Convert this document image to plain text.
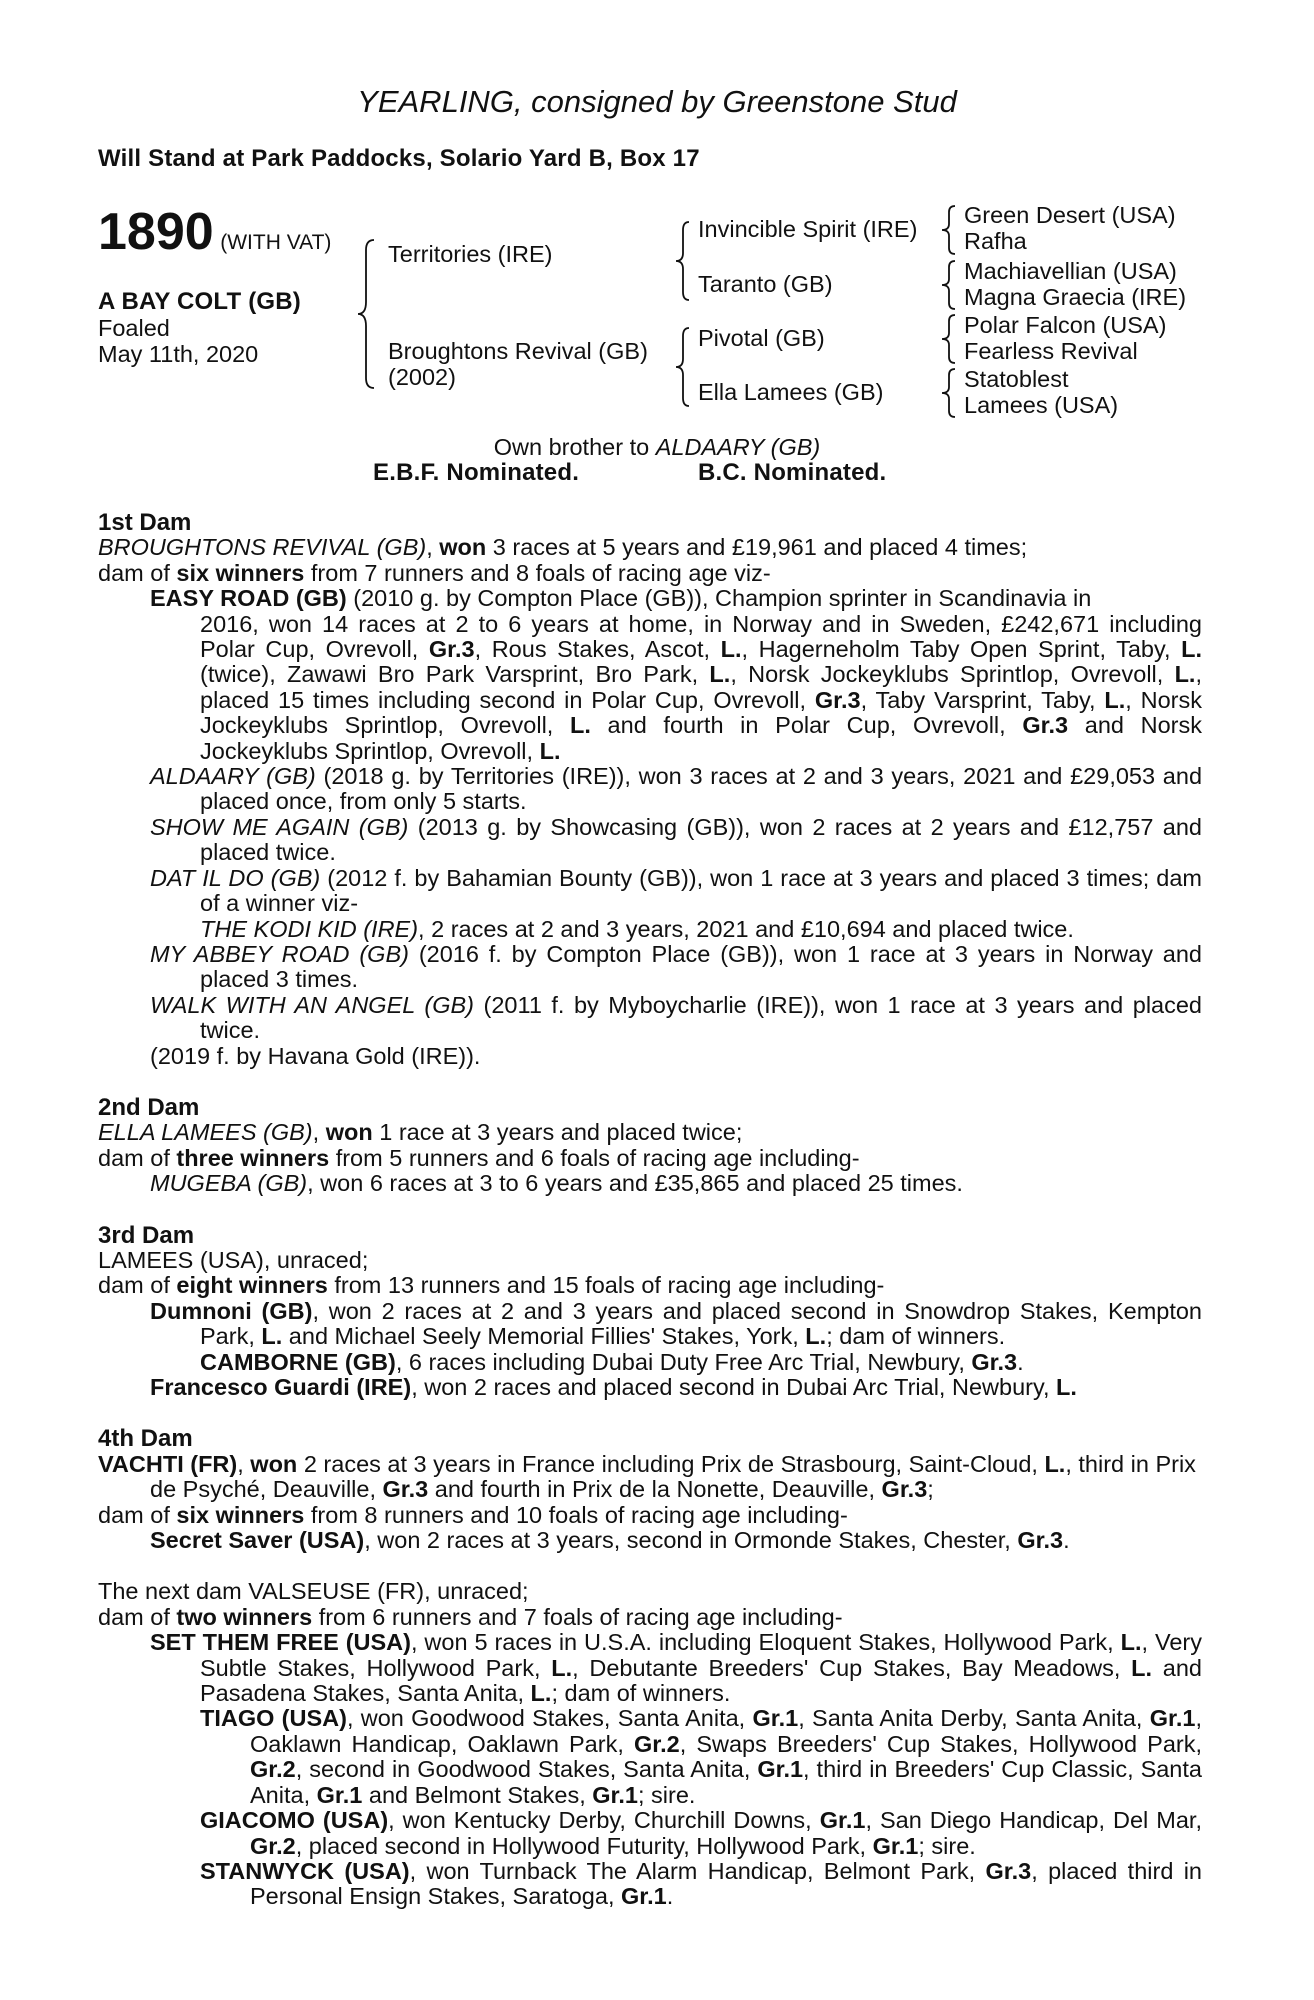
YEARLING, consigned by Greenstone Stud
Will Stand at Park Paddocks, Solario Yard B, Box 17
1890 (WITH VAT)
A BAY COLT (GB)
Foaled
May 11th, 2020
Territories (IRE)
Broughtons Revival (GB)
(2002)
Invincible Spirit (IRE)
Taranto (GB)
Pivotal (GB)
Ella Lamees (GB)
Green Desert (USA)
Rafha
Machiavellian (USA)
Magna Graecia (IRE)
Polar Falcon (USA)
Fearless Revival
Statoblest
Lamees (USA)
Own brother to ALDAARY (GB)
E.B.F. Nominated.	B.C. Nominated.

1st Dam

BROUGHTONS REVIVAL (GB), won 3 races at 5 years and £19,961 and placed 4 times;

dam of six winners from 7 runners and 8 foals of racing age viz-

EASY ROAD (GB) (2010 g. by Compton Place (GB)), Champion sprinter in Scandinavia in

2016, won 14 races at 2 to 6 years at home, in Norway and in Sweden, £242,671 including Polar Cup, Ovrevoll, Gr.3, Rous Stakes, Ascot, L., Hagerneholm Taby Open Sprint, Taby, L. (twice), Zawawi Bro Park Varsprint, Bro Park, L., Norsk Jockeyklubs Sprintlop, Ovrevoll, L., placed 15 times including second in Polar Cup, Ovrevoll, Gr.3, Taby Varsprint, Taby, L., Norsk Jockeyklubs Sprintlop, Ovrevoll, L. and fourth in Polar Cup, Ovrevoll, Gr.3 and Norsk Jockeyklubs Sprintlop, Ovrevoll, L.
ALDAARY (GB) (2018 g. by Territories (IRE)), won 3 races at 2 and 3 years, 2021 and £29,053 and placed once, from only 5 starts.
SHOW ME AGAIN (GB) (2013 g. by Showcasing (GB)), won 2 races at 2 years and £12,757 and placed twice.
DAT IL DO (GB) (2012 f. by Bahamian Bounty (GB)), won 1 race at 3 years and placed 3 times; dam of a winner viz-

THE KODI KID (IRE), 2 races at 2 and 3 years, 2021 and £10,694 and placed twice.

MY ABBEY ROAD (GB) (2016 f. by Compton Place (GB)), won 1 race at 3 years in Norway and placed 3 times.
WALK WITH AN ANGEL (GB) (2011 f. by Myboycharlie (IRE)), won 1 race at 3 years and placed twice.

(2019 f. by Havana Gold (IRE)).

2nd Dam

ELLA LAMEES (GB), won 1 race at 3 years and placed twice;

dam of three winners from 5 runners and 6 foals of racing age including-

MUGEBA (GB), won 6 races at 3 to 6 years and £35,865 and placed 25 times.

3rd Dam

LAMEES (USA), unraced;

dam of eight winners from 13 runners and 15 foals of racing age including-

Dumnoni (GB), won 2 races at 2 and 3 years and placed second in Snowdrop Stakes, Kempton Park, L. and Michael Seely Memorial Fillies' Stakes, York, L.; dam of winners.

CAMBORNE (GB), 6 races including Dubai Duty Free Arc Trial, Newbury, Gr.3.

Francesco Guardi (IRE), won 2 races and placed second in Dubai Arc Trial, Newbury, L.

4th Dam

VACHTI (FR), won 2 races at 3 years in France including Prix de Strasbourg, Saint-Cloud, L., third in Prix de Psyché, Deauville, Gr.3 and fourth in Prix de la Nonette, Deauville, Gr.3;

dam of six winners from 8 runners and 10 foals of racing age including-

Secret Saver (USA), won 2 races at 3 years, second in Ormonde Stakes, Chester, Gr.3.

The next dam VALSEUSE (FR), unraced;

dam of two winners from 6 runners and 7 foals of racing age including-

SET THEM FREE (USA), won 5 races in U.S.A. including Eloquent Stakes, Hollywood Park, L., Very Subtle Stakes, Hollywood Park, L., Debutante Breeders' Cup Stakes, Bay Meadows, L. and Pasadena Stakes, Santa Anita, L.; dam of winners.
TIAGO (USA), won Goodwood Stakes, Santa Anita, Gr.1, Santa Anita Derby, Santa Anita, Gr.1, Oaklawn Handicap, Oaklawn Park, Gr.2, Swaps Breeders' Cup Stakes, Hollywood Park, Gr.2, second in Goodwood Stakes, Santa Anita, Gr.1, third in Breeders' Cup Classic, Santa Anita, Gr.1 and Belmont Stakes, Gr.1; sire.
GIACOMO (USA), won Kentucky Derby, Churchill Downs, Gr.1, San Diego Handicap, Del Mar, Gr.2, placed second in Hollywood Futurity, Hollywood Park, Gr.1; sire.
STANWYCK (USA), won Turnback The Alarm Handicap, Belmont Park, Gr.3, placed third in Personal Ensign Stakes, Saratoga, Gr.1.
